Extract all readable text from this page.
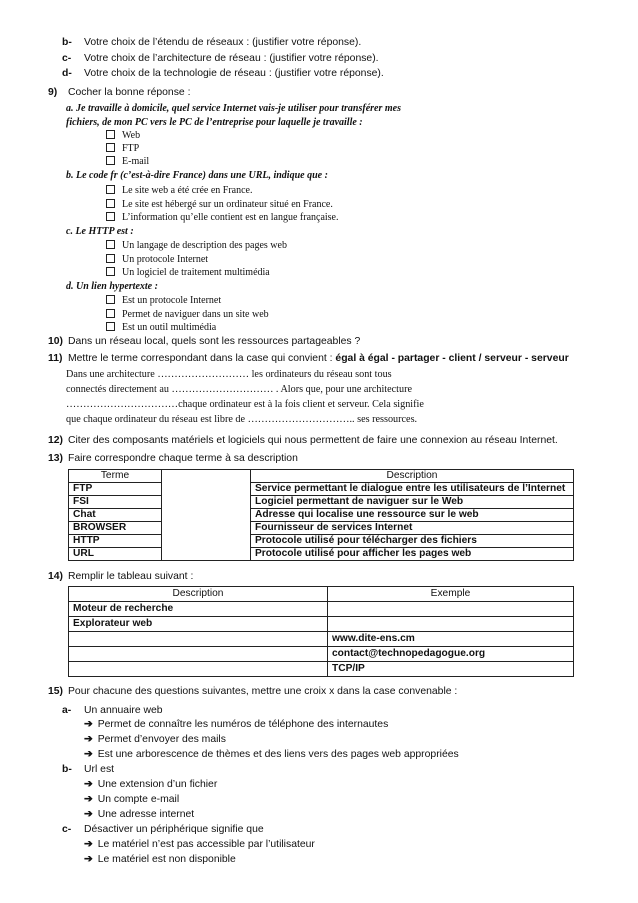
b- Votre choix de l’étendu de réseaux : (justifier votre réponse).
c- Votre choix de l’architecture de réseau : (justifier votre réponse).
d- Votre choix de la technologie de réseau : (justifier votre réponse).
9) Cocher la bonne réponse :
a. Je travaille à domicile, quel service Internet vais-je utiliser pour transférer mes
fichiers, de mon PC vers le PC de l’entreprise pour laquelle je travaille :
Web
FTP
E-mail
b. Le code fr (c’est-à-dire France) dans une URL, indique que :
Le site web a été crée en France.
Le site est hébergé sur un ordinateur situé en France.
L’information qu’elle contient est en langue française.
c. Le HTTP est :
Un langage de description des pages web
Un protocole Internet
Un logiciel de traitement multimédia
d. Un lien hypertexte :
Est un protocole Internet
Permet de naviguer dans un site web
Est un outil multimédia
10) Dans un réseau local, quels sont les ressources partageables ?
11) Mettre le terme correspondant dans la case qui convient : égal à égal - partager - client / serveur - serveur
Dans une architecture ……………………… les ordinateurs du réseau sont tous
connectés directement au ………………………… . Alors que, pour une architecture
……………………………chaque ordinateur est à la fois client et serveur. Cela signifie
que chaque ordinateur du réseau est libre de ………………………….. ses ressources.
12) Citer des composants matériels et logiciels qui nous permettent de faire une connexion au réseau Internet.
13) Faire correspondre chaque terme à sa description
Terme		Description
FTP		Service permettant le dialogue entre les utilisateurs de l’Internet
FSI		Logiciel permettant de naviguer sur le Web
Chat		Adresse qui localise une ressource sur le web
BROWSER		Fournisseur de services Internet
HTTP		Protocole utilisé pour télécharger des fichiers
URL		Protocole utilisé pour afficher les pages web
14) Remplir le tableau suivant :
Description	Exemple
Moteur de recherche	
Explorateur web	
	www.dite-ens.cm
	contact@technopedagogue.org
	TCP/IP
15) Pour chacune des questions suivantes, mettre une croix x dans la case convenable :
a- Un annuaire web
➔ Permet de connaître les numéros de téléphone des internautes
➔ Permet d’envoyer des mails
➔ Est une arborescence de thèmes et des liens vers des pages web appropriées
b- Url est
➔ Une extension d’un fichier
➔ Un compte e-mail
➔ Une adresse internet
c- Désactiver un périphérique signifie que
➔ Le matériel n’est pas accessible par l’utilisateur
➔ Le matériel est non disponible
